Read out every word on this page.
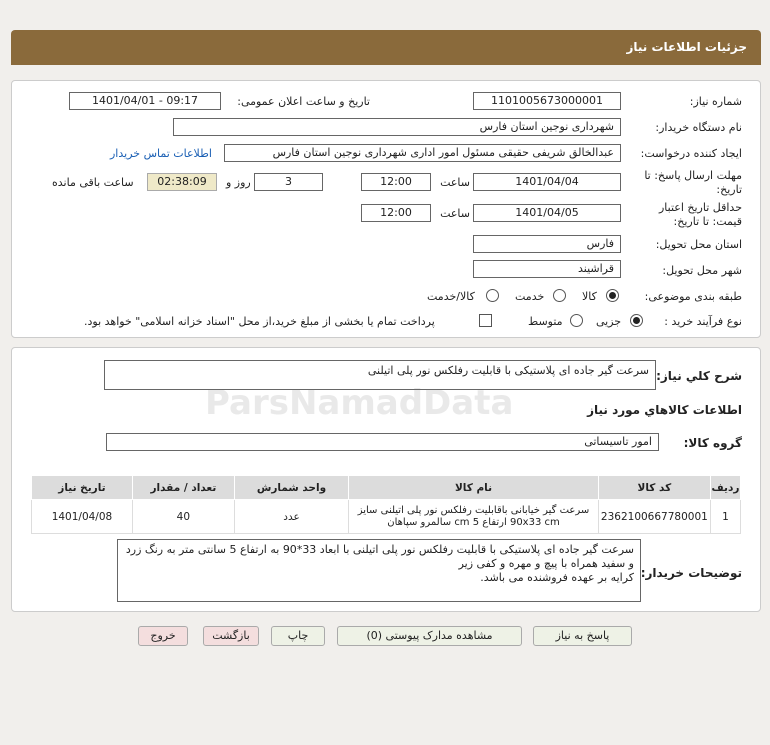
جزئیات اطلاعات نیاز
شماره نیاز:
1101005673000001
تاریخ و ساعت اعلان عمومی:
1401/04/01 - 09:17
نام دستگاه خریدار:
شهرداری نوجین استان فارس
ایجاد کننده درخواست:
عبدالخالق شریفی حقیقی مسئول امور اداری شهرداری نوجین استان فارس
اطلاعات تماس خریدار
مهلت ارسال پاسخ: تا تاریخ:
1401/04/04
ساعت
12:00
3
روز و
02:38:09
ساعت باقی مانده
حداقل تاریخ اعتبار قیمت: تا تاریخ:
1401/04/05
ساعت
12:00
استان محل تحویل:
فارس
شهر محل تحویل:
قراشیند
طبقه بندی موضوعی:
کالا
خدمت
کالا/خدمت
نوع فرآیند خرید :
جزیی
متوسط
پرداخت تمام یا بخشی از مبلغ خرید،از محل "اسناد خزانه اسلامی" خواهد بود.
شرح کلي نياز:
سرعت گیر جاده ای پلاستیکی با قابلیت رفلکس نور پلی اتیلنی
اطلاعات کالاهاي مورد نياز
گروه کالا:
امور تاسیساتی
ردیف	کد کالا	نام کالا	واحد شمارش	تعداد / مقدار	تاریخ نیاز
1	2362100667780001	سرعت گیر خیابانی باقابلیت رفلکس نور پلی اتیلنی سایز 90x33 cm ارتفاع 5 cm سالمرو سپاهان	عدد	40	1401/04/08
توضیحات خریدار:
سرعت گیر جاده ای پلاستیکی با قابلیت رفلکس نور پلی اتیلنی با ابعاد 33*90 به ارتفاع 5 سانتی متر به رنگ زرد و سفید همراه با پیچ و مهره و کفی زیر
کرایه بر عهده فروشنده می باشد.
پاسخ به نیاز
مشاهده مدارک پیوستی (0)
چاپ
بازگشت
خروج
